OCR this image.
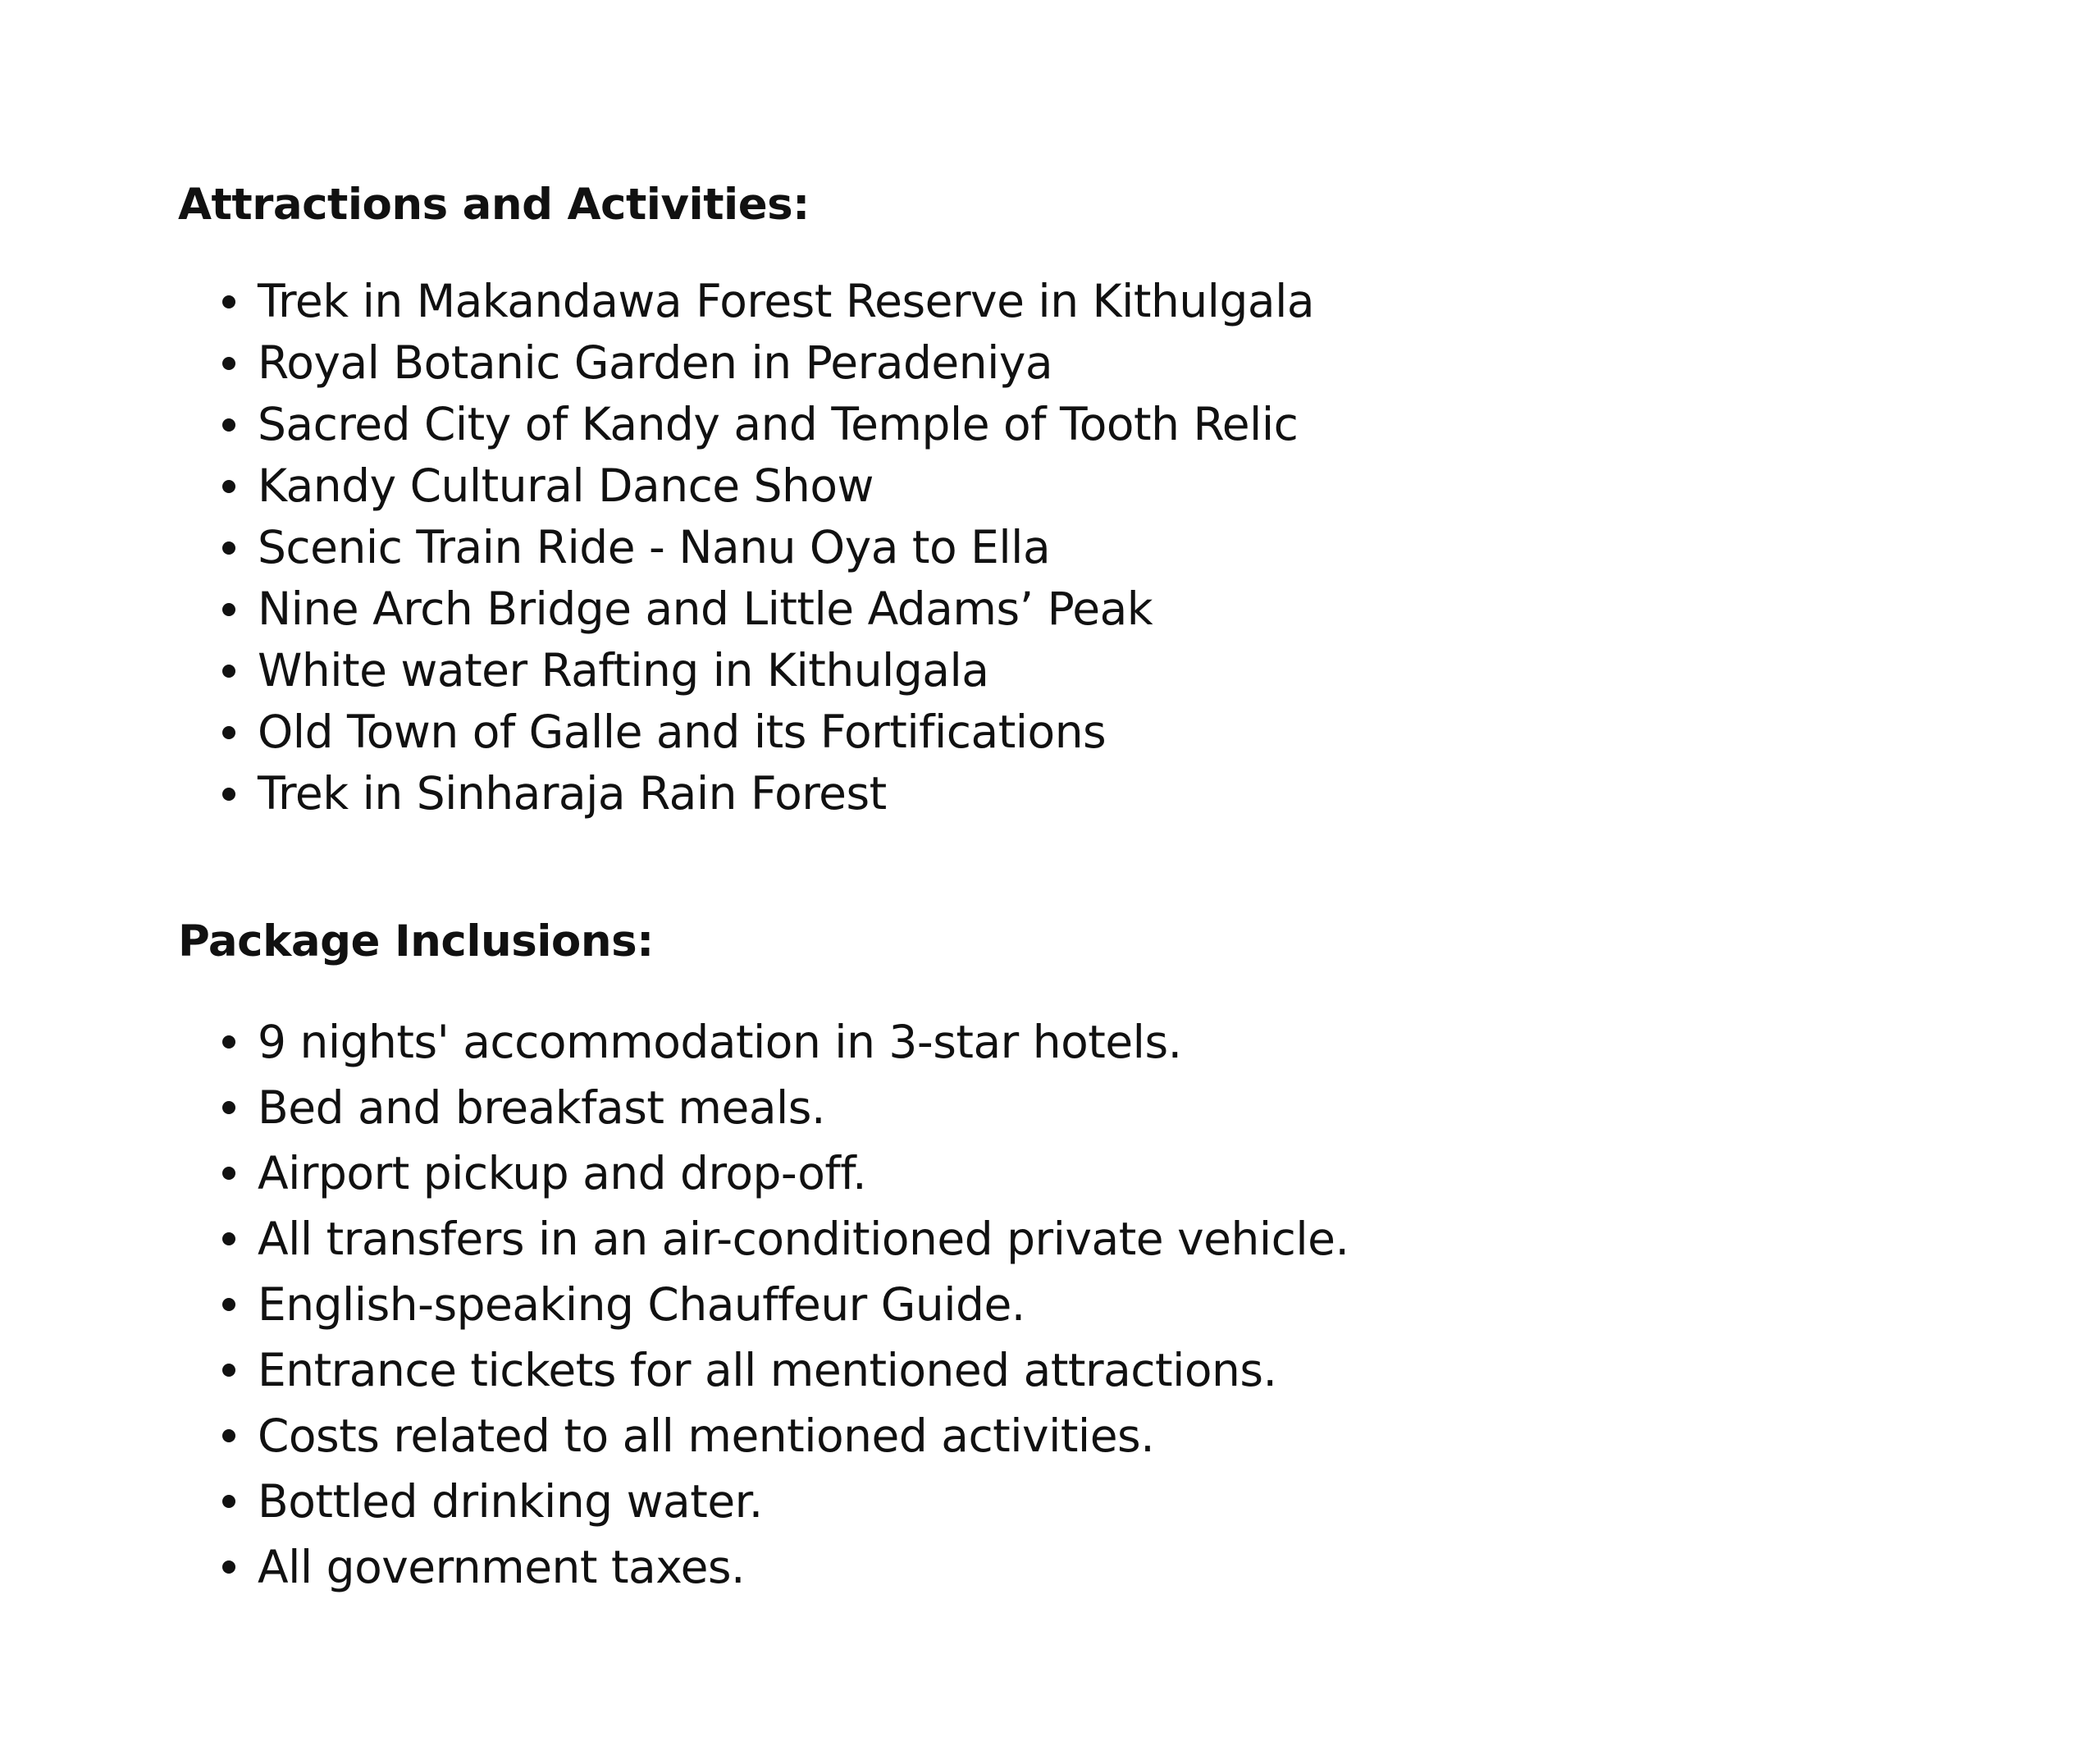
Attractions and Activities:
Trek in Makandawa Forest Reserve in Kithulgala
Royal Botanic Garden in Peradeniya
Sacred City of Kandy and Temple of Tooth Relic
Kandy Cultural Dance Show
Scenic Train Ride - Nanu Oya to Ella
Nine Arch Bridge and Little Adams’ Peak
White water Rafting in Kithulgala
Old Town of Galle and its Fortifications
Trek in Sinharaja Rain Forest
Package Inclusions:
9 nights' accommodation in 3-star hotels.
Bed and breakfast meals.
Airport pickup and drop-off.
All transfers in an air-conditioned private vehicle.
English-speaking Chauffeur Guide.
Entrance tickets for all mentioned attractions.
Costs related to all mentioned activities.
Bottled drinking water.
All government taxes.
